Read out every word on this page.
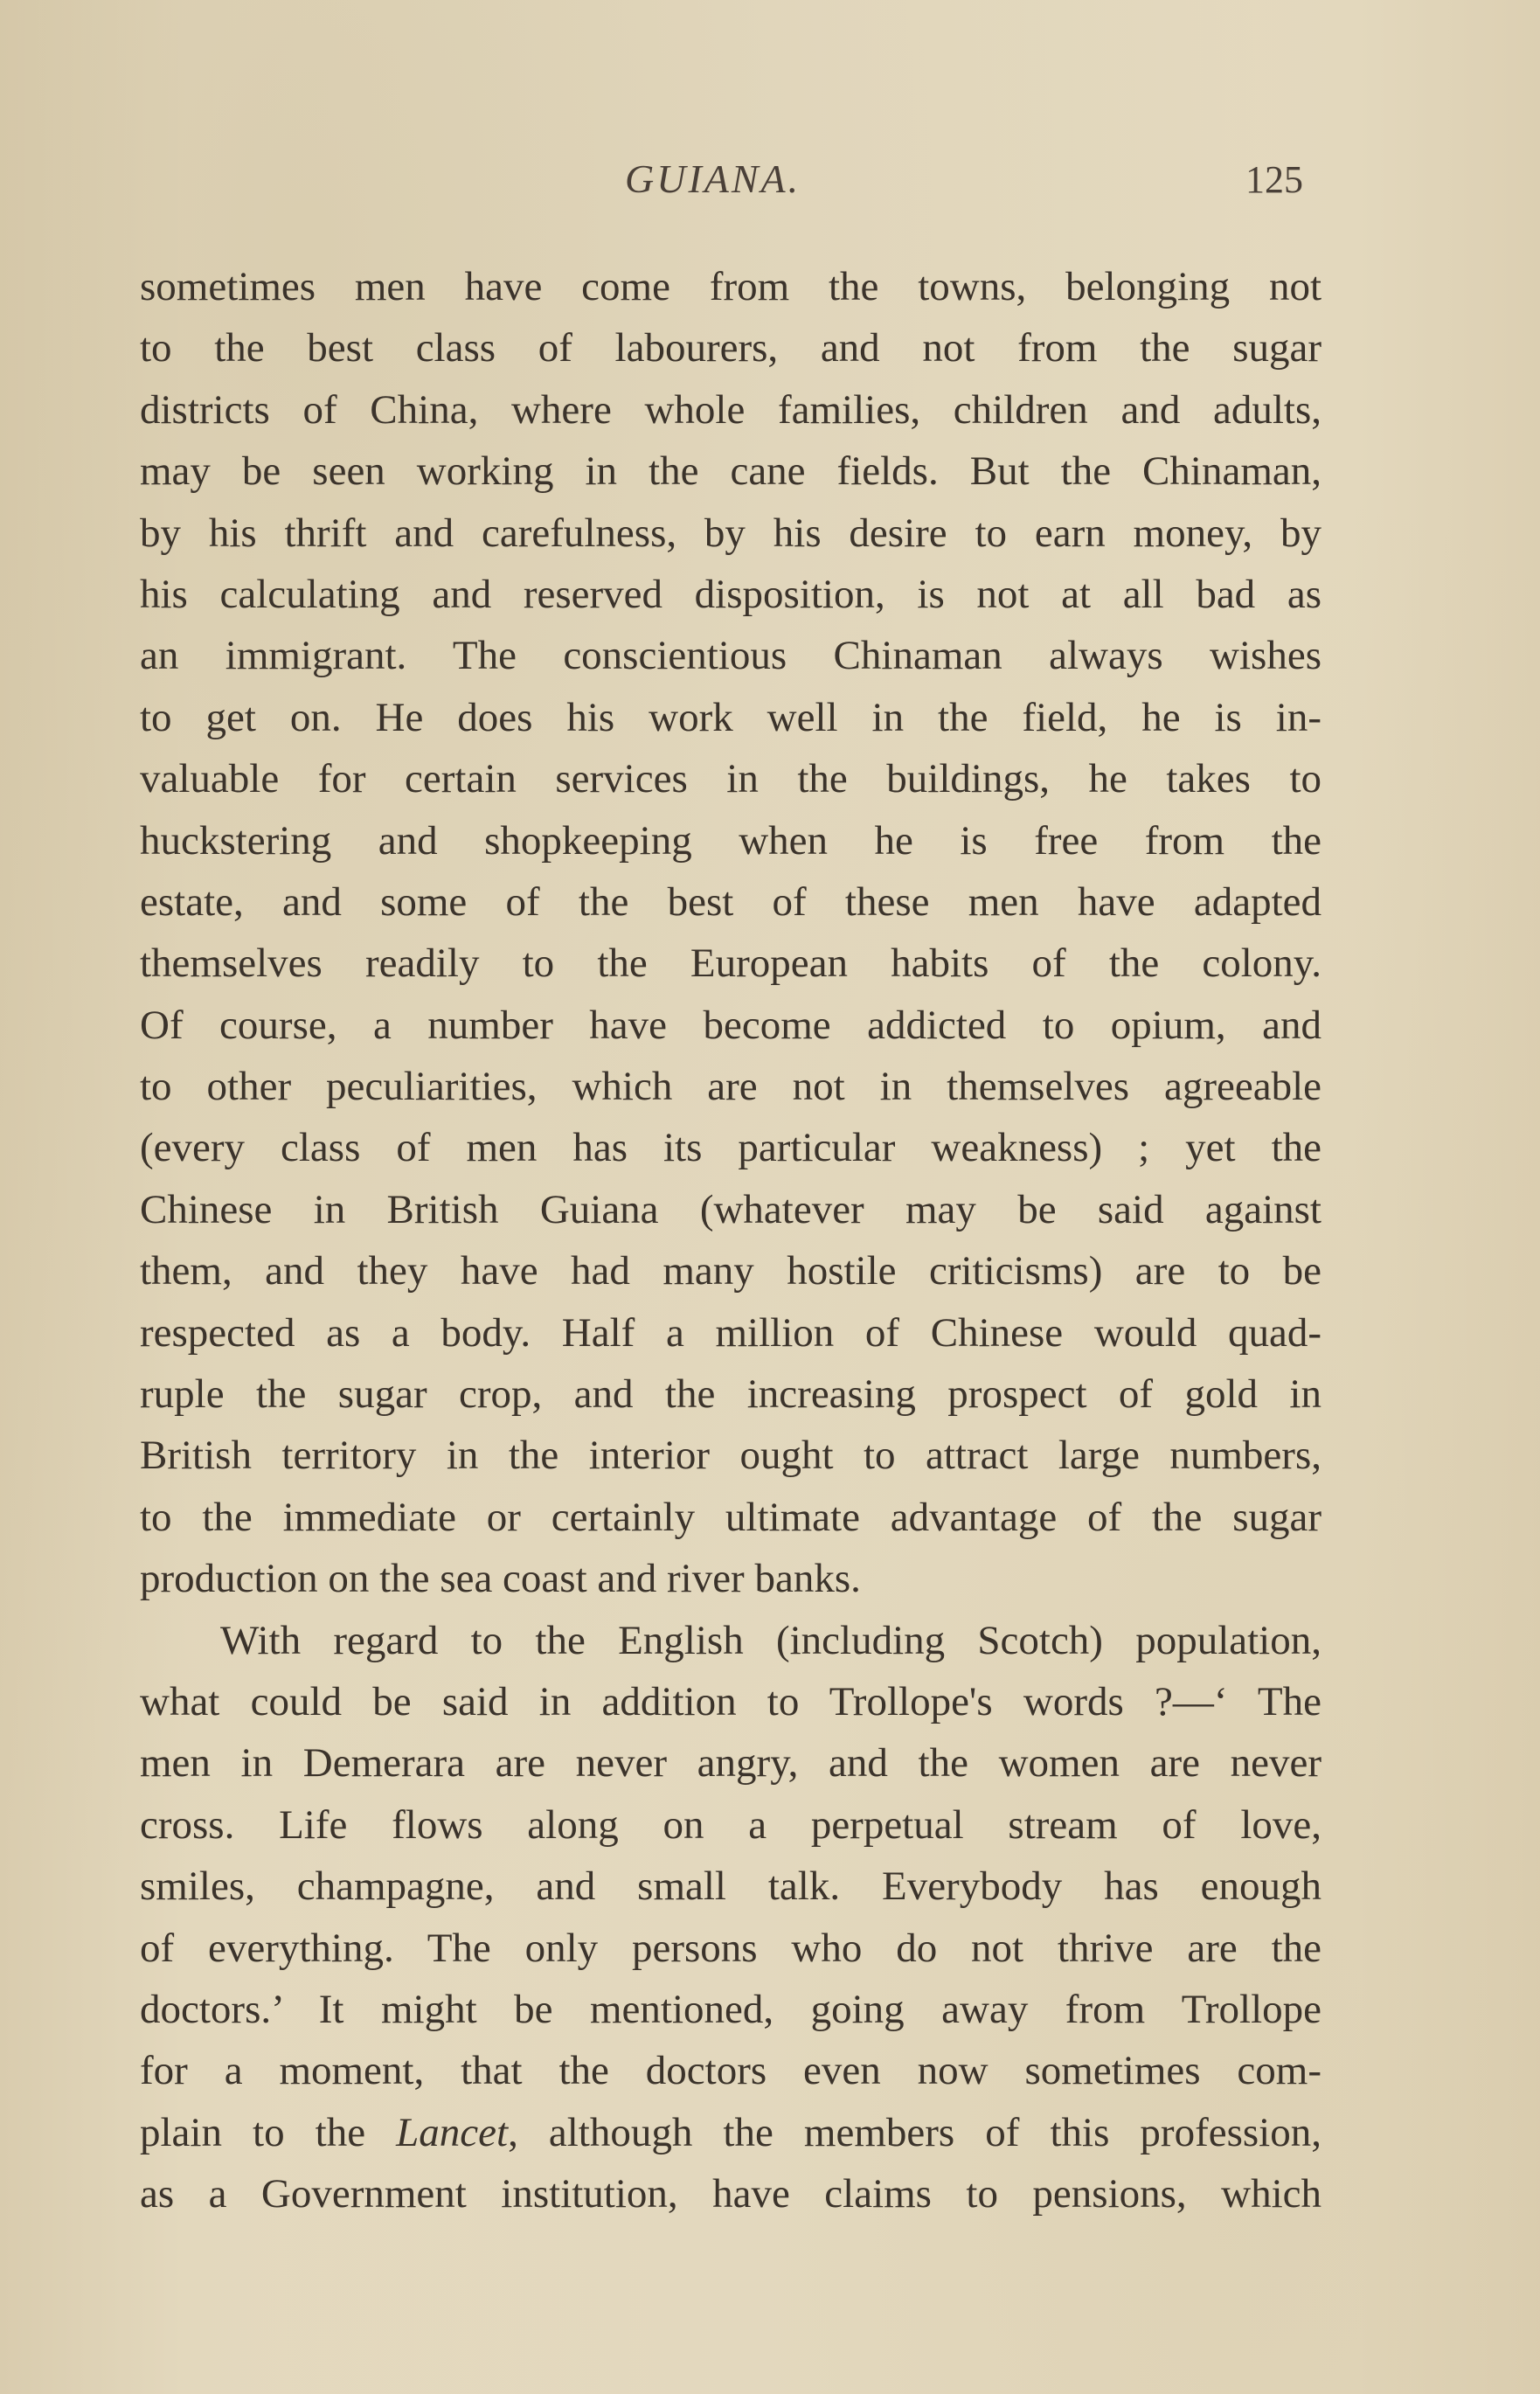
GUIANA.	125
sometimes men have come from the towns, belonging not
to the best class of labourers, and not from the sugar
districts of China, where whole families, children and adults,
may be seen working in the cane fields. But the Chinaman,
by his thrift and carefulness, by his desire to earn money, by
his calculating and reserved disposition, is not at all bad as
an immigrant. The conscientious Chinaman always wishes
to get on. He does his work well in the field, he is in-
valuable for certain services in the buildings, he takes to
huckstering and shopkeeping when he is free from the
estate, and some of the best of these men have adapted
themselves readily to the European habits of the colony.
Of course, a number have become addicted to opium, and
to other peculiarities, which are not in themselves agreeable
(every class of men has its particular weakness) ; yet the
Chinese in British Guiana (whatever may be said against
them, and they have had many hostile criticisms) are to be
respected as a body. Half a million of Chinese would quad-
ruple the sugar crop, and the increasing prospect of gold in
British territory in the interior ought to attract large numbers,
to the immediate or certainly ultimate advantage of the sugar
production on the sea coast and river banks.
With regard to the English (including Scotch) population,
what could be said in addition to Trollope's words ?—‘ The
men in Demerara are never angry, and the women are never
cross. Life flows along on a perpetual stream of love,
smiles, champagne, and small talk. Everybody has enough
of everything. The only persons who do not thrive are the
doctors.’ It might be mentioned, going away from Trollope
for a moment, that the doctors even now sometimes com-
plain to the Lancet, although the members of this profession,
as a Government institution, have claims to pensions, which
